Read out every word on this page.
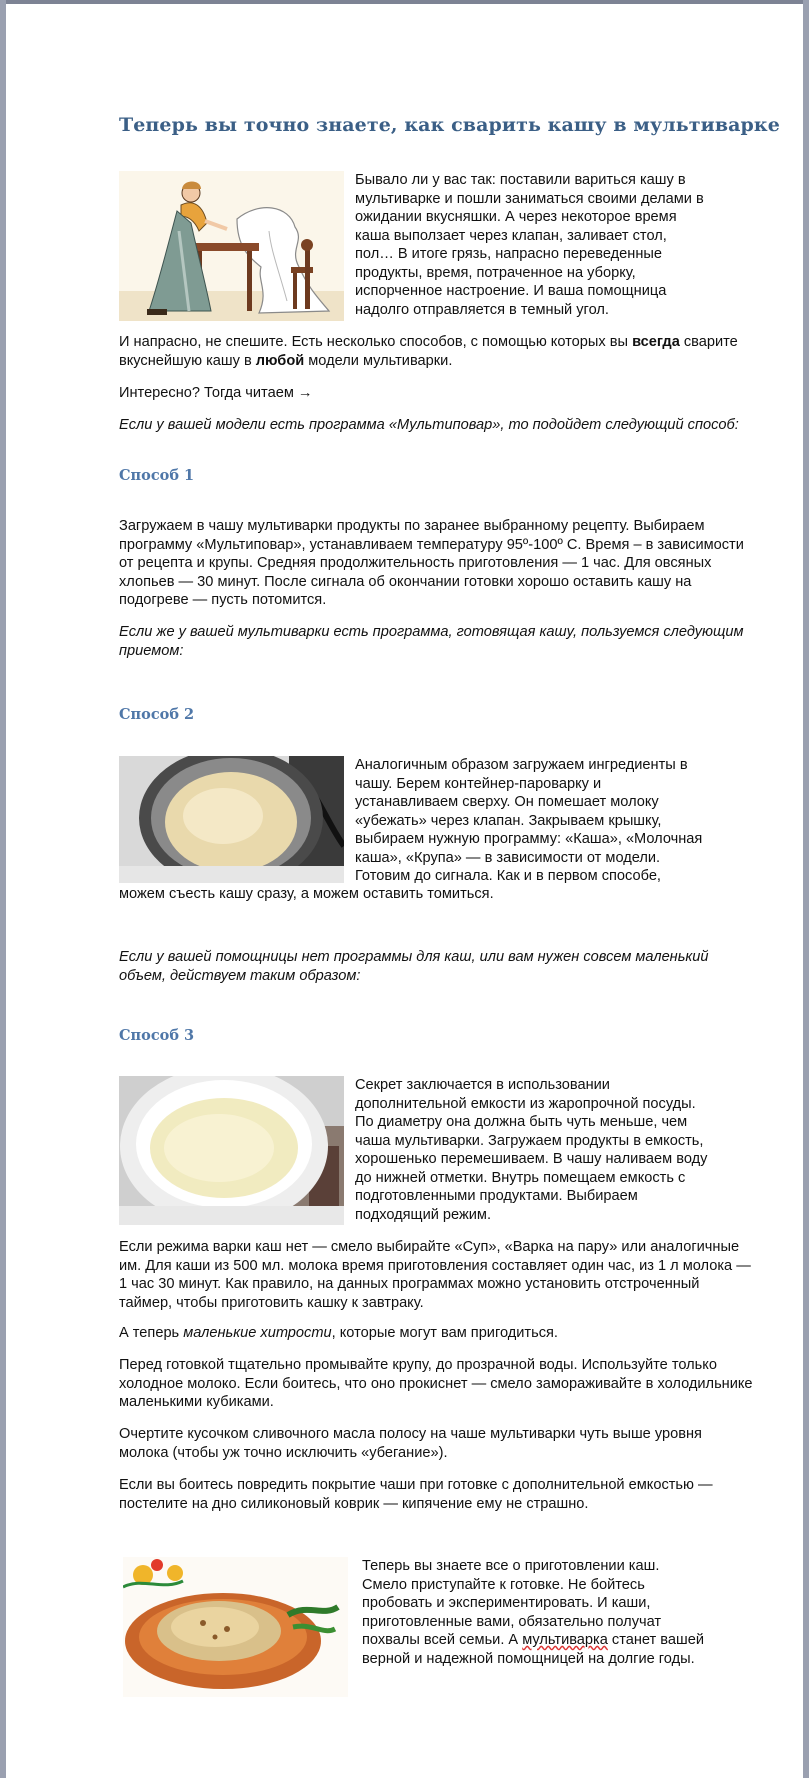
Теперь вы точно знаете, как сварить кашу в мультиварке
Бывало ли у вас так: поставили вариться кашу в
мультиварке и пошли заниматься своими делами в
ожидании вкусняшки. А через некоторое время
каша выползает через клапан, заливает стол,
пол… В итоге грязь, напрасно переведенные
продукты, время, потраченное на уборку,
испорченное настроение. И ваша помощница
надолго отправляется в темный угол.

И напрасно, не спешите. Есть несколько способов, с помощью которых вы всегда сварите вкуснейшую кашу в любой модели мультиварки.

Интересно? Тогда читаем →

Если у вашей модели есть программа «Мультиповар», то подойдет следующий способ:

Способ 1

Загружаем в чашу мультиварки продукты по заранее выбранному рецепту. Выбираем программу «Мультиповар», устанавливаем температуру 95º-100º С. Время – в зависимости от рецепта и крупы. Средняя продолжительность приготовления — 1 час. Для овсяных хлопьев — 30 минут. После сигнала об окончании готовки хорошо оставить кашу на подогреве — пусть потомится.

Если же у вашей мультиварки есть программа, готовящая кашу, пользуемся следующим приемом:

Способ 2
Аналогичным образом загружаем ингредиенты в
чашу. Берем контейнер-пароварку и
устанавливаем сверху. Он помешает молоку
«убежать» через клапан. Закрываем крышку,
выбираем нужную программу: «Каша», «Молочная
каша», «Крупа» — в зависимости от модели.
Готовим до сигнала. Как и в первом способе,

можем съесть кашу сразу, а можем оставить томиться.

Если у вашей помощницы нет программы для каш, или вам нужен совсем маленький объем, действуем таким образом:

Способ 3
Секрет заключается в использовании
дополнительной емкости из жаропрочной посуды.
По диаметру она должна быть чуть меньше, чем
чаша мультиварки. Загружаем продукты в емкость,
хорошенько перемешиваем. В чашу наливаем воду
до нижней отметки. Внутрь помещаем емкость с
подготовленными продуктами. Выбираем
подходящий режим.

Если режима варки каш нет — смело выбирайте «Суп», «Варка на пару» или аналогичные им. Для каши из 500 мл. молока время приготовления составляет один час, из 1 л молока — 1 час 30 минут. Как правило, на данных программах можно установить отстроченный таймер, чтобы приготовить кашку к завтраку.

А теперь маленькие хитрости, которые могут вам пригодиться.

Перед готовкой тщательно промывайте крупу, до прозрачной воды. Используйте только холодное молоко. Если боитесь, что оно прокиснет — смело замораживайте в холодильнике маленькими кубиками.

Очертите кусочком сливочного масла полосу на чаше мультиварки чуть выше уровня молока (чтобы уж точно исключить «убегание»).

Если вы боитесь повредить покрытие чаши при готовке с дополнительной емкостью — постелите на дно силиконовый коврик — кипячение ему не страшно.

Теперь вы знаете все о приготовлении каш.
Смело приступайте к готовке. Не бойтесь
пробовать и экспериментировать. И каши,
приготовленные вами, обязательно получат
похвалы всей семьи. А мультиварка станет вашей
верной и надежной помощницей на долгие годы.
